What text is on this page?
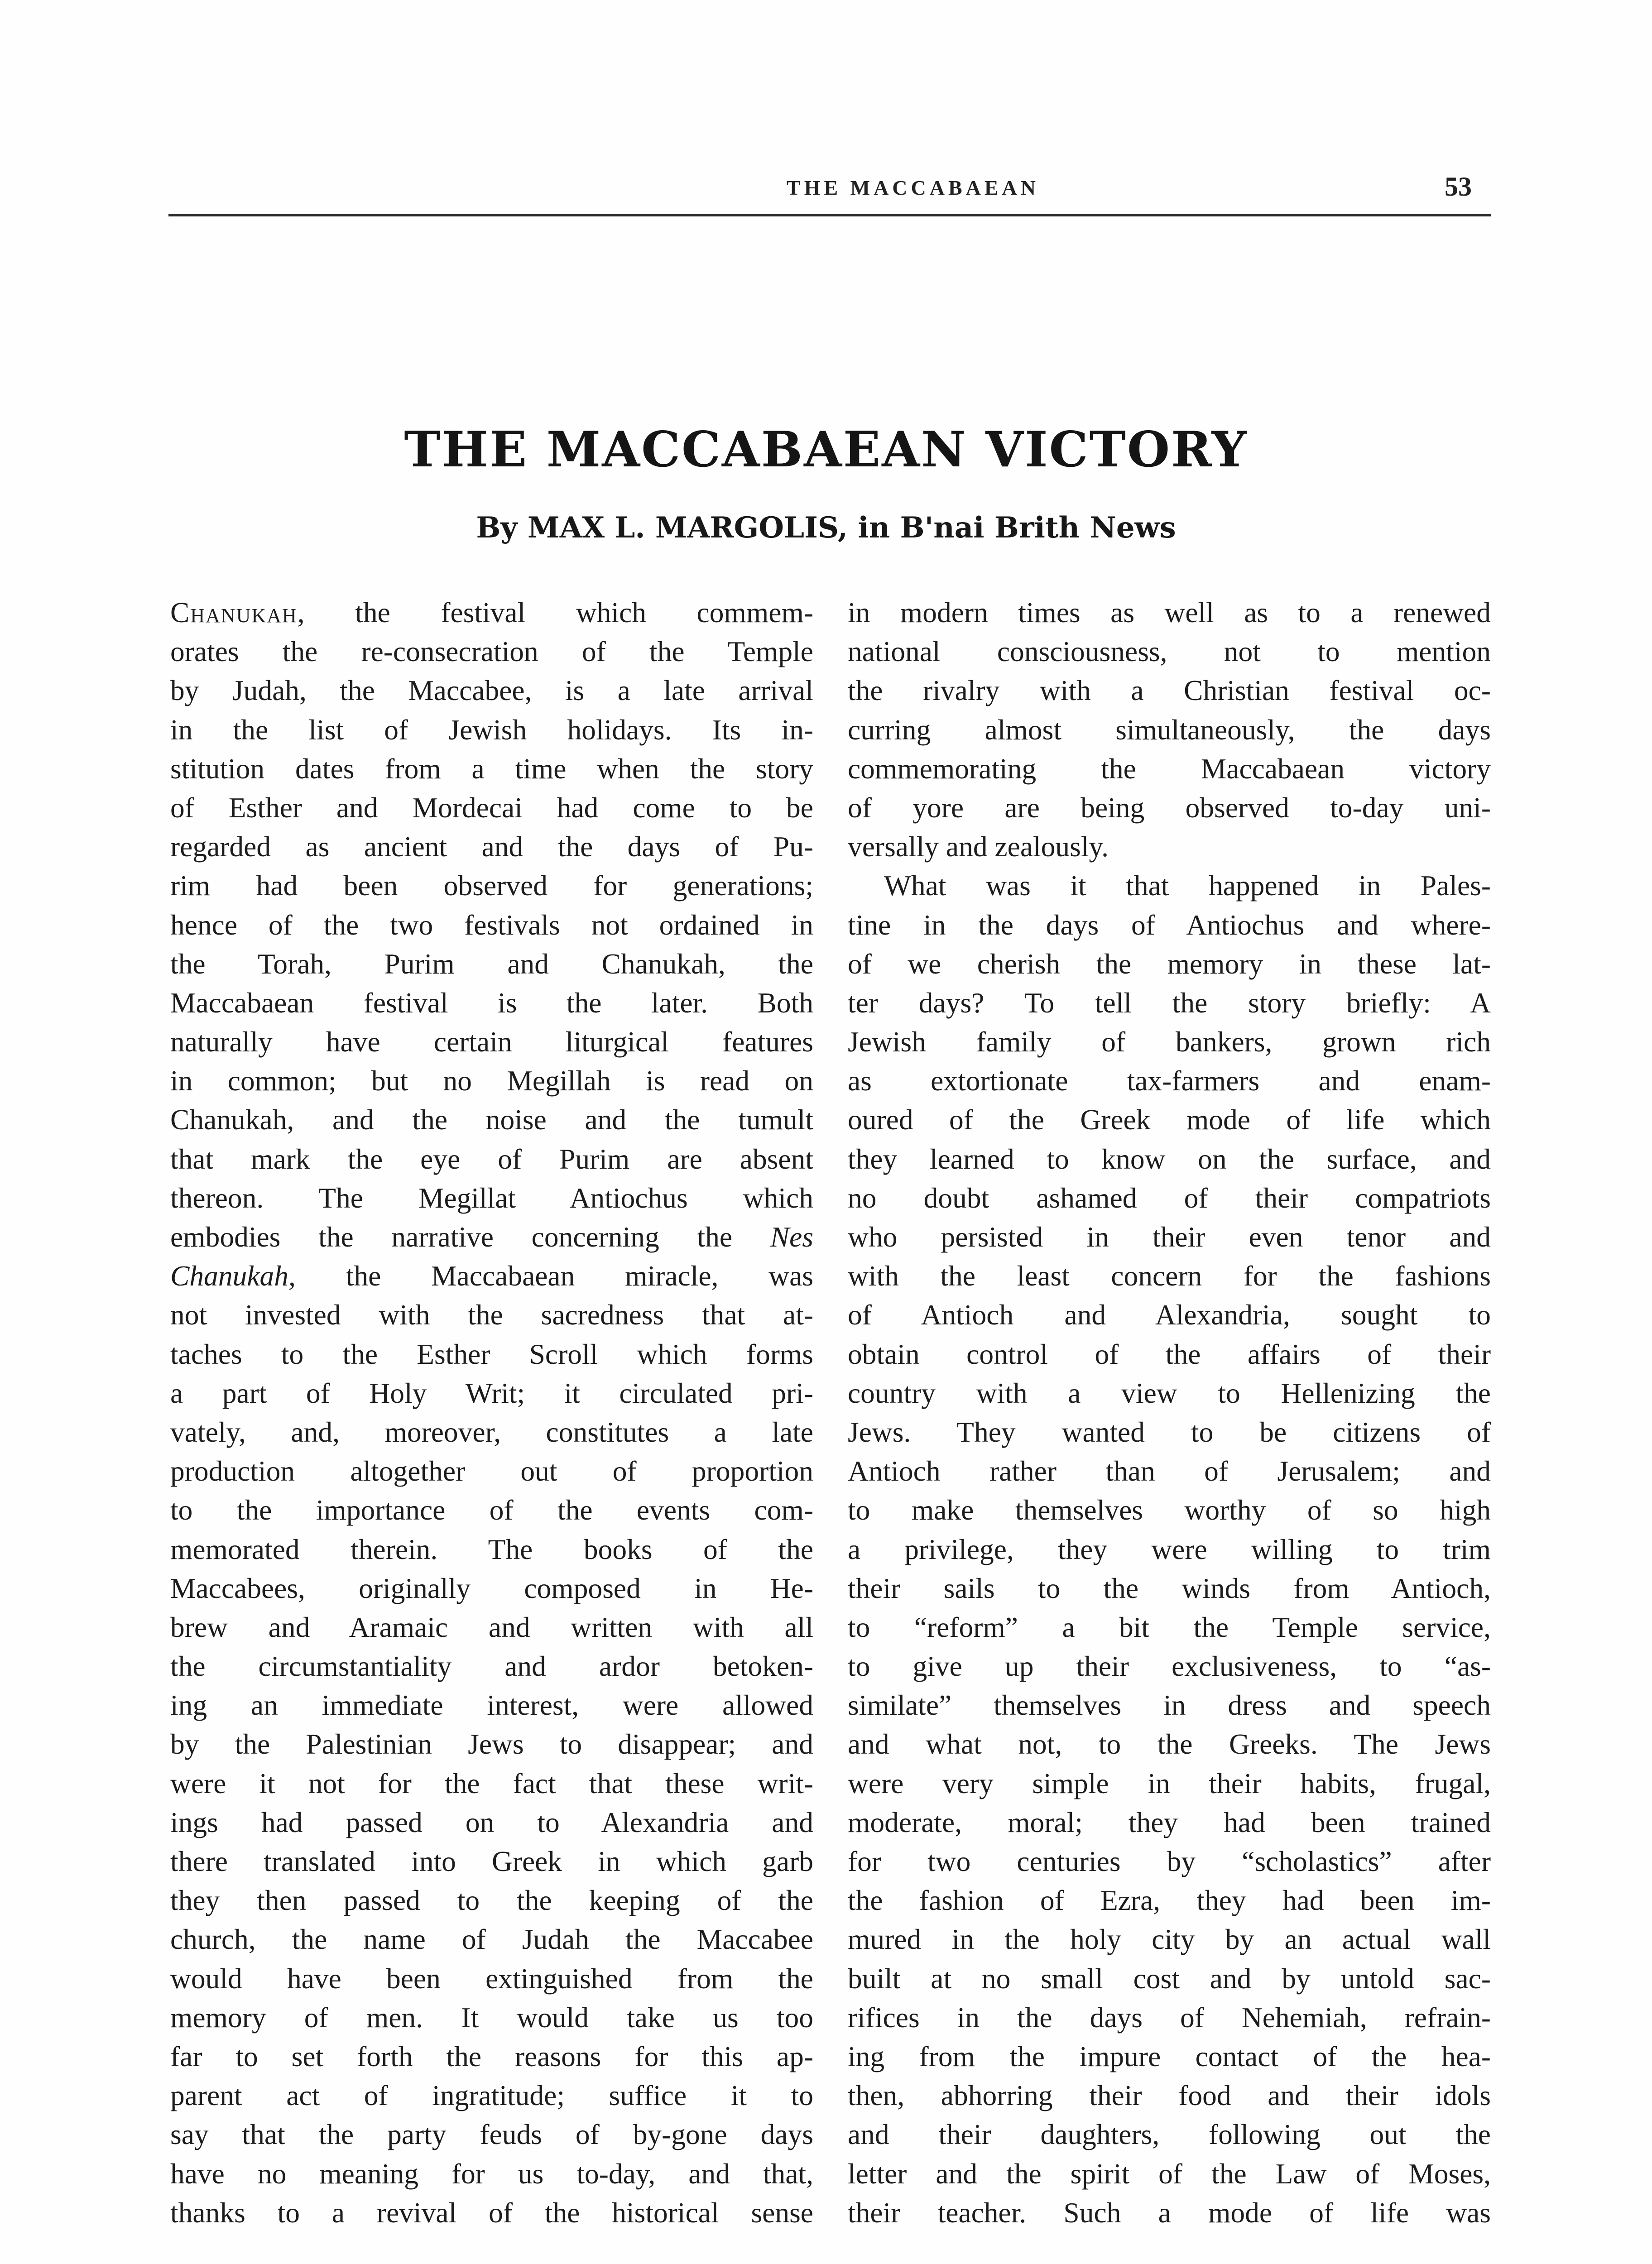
THE MACCABAEAN	53
THE MACCABAEAN VICTORY
By MAX L. MARGOLIS, in B'nai Brith News
Chanukah, the festival which commem-
orates the re-consecration of the Temple
by Judah, the Maccabee, is a late arrival
in the list of Jewish holidays. Its in-
stitution dates from a time when the story
of Esther and Mordecai had come to be
regarded as ancient and the days of Pu-
rim had been observed for generations;
hence of the two festivals not ordained in
the Torah, Purim and Chanukah, the
Maccabaean festival is the later. Both
naturally have certain liturgical features
in common; but no Megillah is read on
Chanukah, and the noise and the tumult
that mark the eye of Purim are absent
thereon. The Megillat Antiochus which
embodies the narrative concerning the Nes
Chanukah, the Maccabaean miracle, was
not invested with the sacredness that at-
taches to the Esther Scroll which forms
a part of Holy Writ; it circulated pri-
vately, and, moreover, constitutes a late
production altogether out of proportion
to the importance of the events com-
memorated therein. The books of the
Maccabees, originally composed in He-
brew and Aramaic and written with all
the circumstantiality and ardor betoken-
ing an immediate interest, were allowed
by the Palestinian Jews to disappear; and
were it not for the fact that these writ-
ings had passed on to Alexandria and
there translated into Greek in which garb
they then passed to the keeping of the
church, the name of Judah the Maccabee
would have been extinguished from the
memory of men. It would take us too
far to set forth the reasons for this ap-
parent act of ingratitude; suffice it to
say that the party feuds of by-gone days
have no meaning for us to-day, and that,
thanks to a revival of the historical sense
in modern times as well as to a renewed
national consciousness, not to mention
the rivalry with a Christian festival oc-
curring almost simultaneously, the days
commemorating the Maccabaean victory
of yore are being observed to-day uni-
versally and zealously.
What was it that happened in Pales-
tine in the days of Antiochus and where-
of we cherish the memory in these lat-
ter days? To tell the story briefly: A
Jewish family of bankers, grown rich
as extortionate tax-farmers and enam-
oured of the Greek mode of life which
they learned to know on the surface, and
no doubt ashamed of their compatriots
who persisted in their even tenor and
with the least concern for the fashions
of Antioch and Alexandria, sought to
obtain control of the affairs of their
country with a view to Hellenizing the
Jews. They wanted to be citizens of
Antioch rather than of Jerusalem; and
to make themselves worthy of so high
a privilege, they were willing to trim
their sails to the winds from Antioch,
to “reform” a bit the Temple service,
to give up their exclusiveness, to “as-
similate” themselves in dress and speech
and what not, to the Greeks. The Jews
were very simple in their habits, frugal,
moderate, moral; they had been trained
for two centuries by “scholastics” after
the fashion of Ezra, they had been im-
mured in the holy city by an actual wall
built at no small cost and by untold sac-
rifices in the days of Nehemiah, refrain-
ing from the impure contact of the hea-
then, abhorring their food and their idols
and their daughters, following out the
letter and the spirit of the Law of Moses,
their teacher. Such a mode of life was
